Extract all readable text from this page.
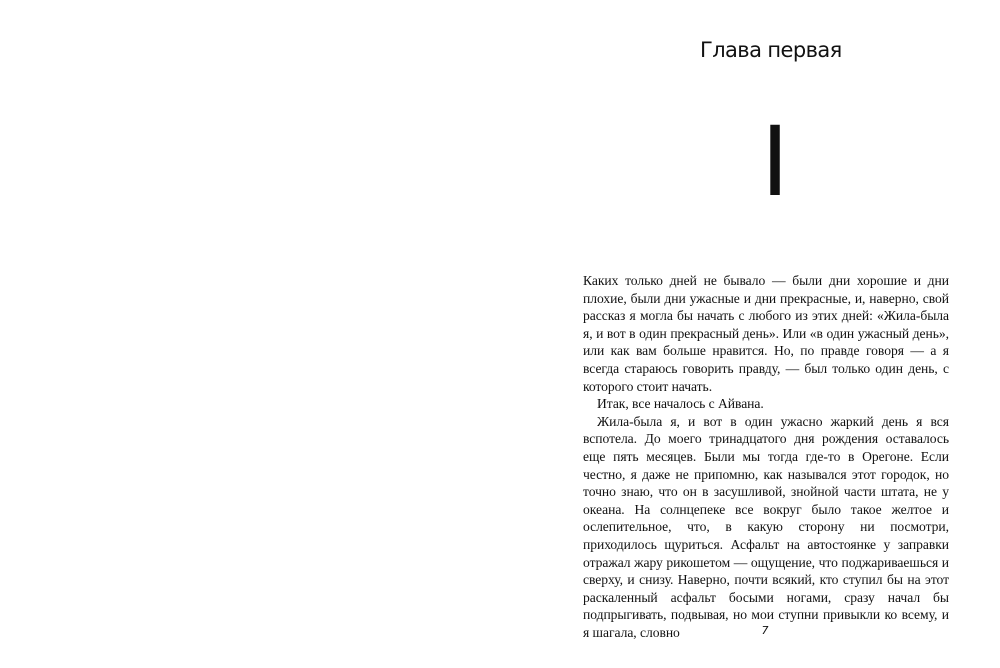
Глава первая
I

Каких только дней не бывало — были дни хорошие и дни плохие, были дни ужасные и дни прекрасные, и, наверно, свой рассказ я могла бы начать с любого из этих дней: «Жила-была я, и вот в один прекрасный день». Или «в один ужасный день», или как вам больше нравится. Но, по правде говоря — а я всегда стараюсь говорить правду, — был только один день, с которого стоит начать.

Итак, все началось с Айвана.

Жила-была я, и вот в один ужасно жаркий день я вся вспотела. До моего тринадцатого дня рождения оставалось еще пять месяцев. Были мы тогда где-то в Орегоне. Если честно, я даже не припомню, как назывался этот городок, но точно знаю, что он в засушливой, знойной части штата, не у океана. На солнцепеке все вокруг было такое желтое и ослепительное, что, в какую сторону ни посмотри, приходилось щуриться. Асфальт на автостоянке у заправки отражал жару рикошетом — ощущение, что поджариваешься и сверху, и снизу. Наверно, почти всякий, кто ступил бы на этот раскаленный асфальт босыми ногами, сразу начал бы подпрыгивать, подвывая, но мои ступни привыкли ко всему, и я шагала, словно	7
